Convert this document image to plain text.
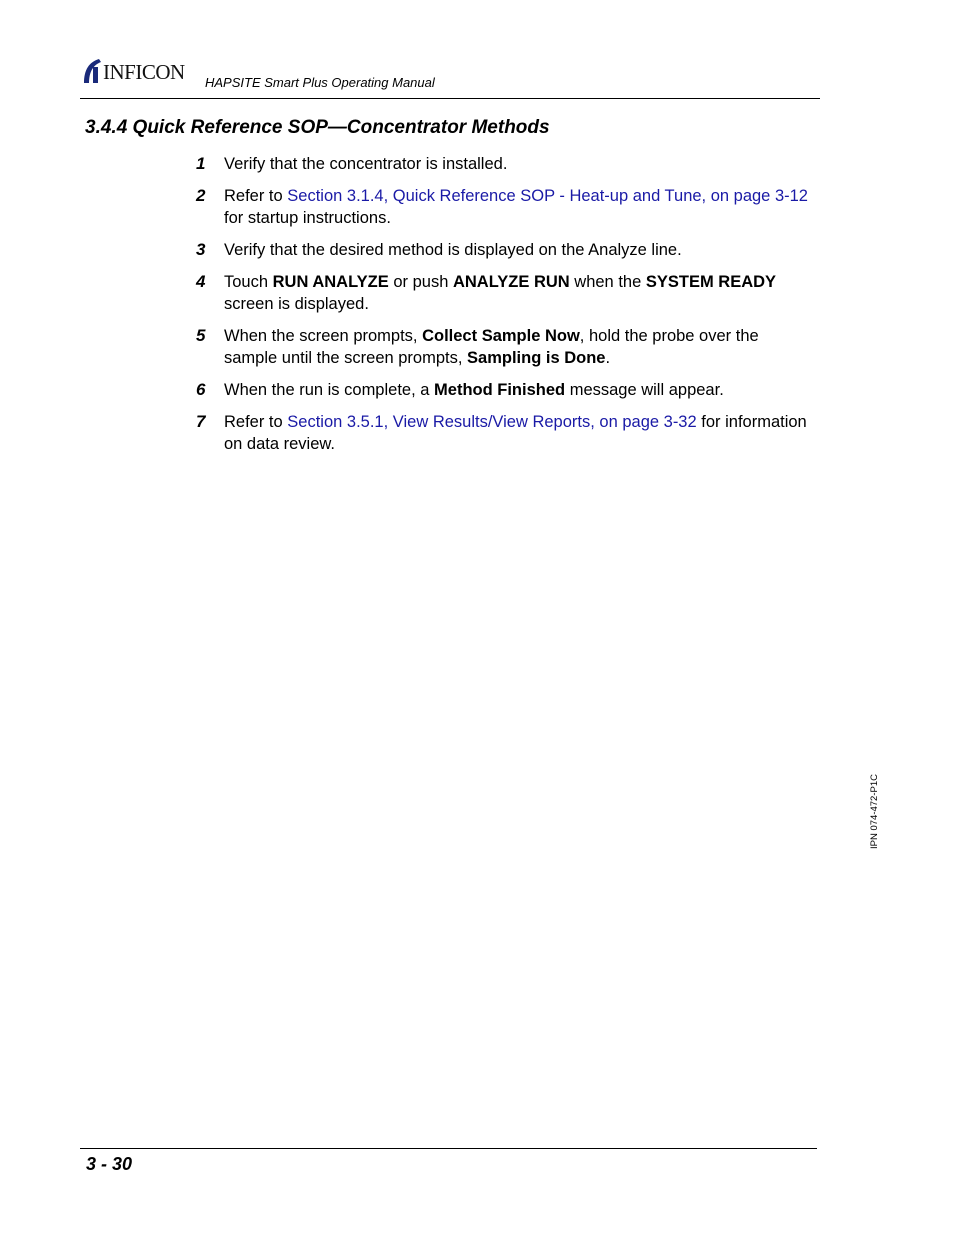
INFICON HAPSITE Smart Plus Operating Manual
3.4.4 Quick Reference SOP—Concentrator Methods

1 Verify that the concentrator is installed.

2 Refer to Section 3.1.4, Quick Reference SOP - Heat-up and Tune, on page 3-12 for startup instructions.

3 Verify that the desired method is displayed on the Analyze line.

4 Touch RUN ANALYZE or push ANALYZE RUN when the SYSTEM READY screen is displayed.

5 When the screen prompts, Collect Sample Now, hold the probe over the sample until the screen prompts, Sampling is Done.

6 When the run is complete, a Method Finished message will appear.

7 Refer to Section 3.5.1, View Results/View Reports, on page 3-32 for information on data review.

IPN 074-472-P1C
3 - 30
